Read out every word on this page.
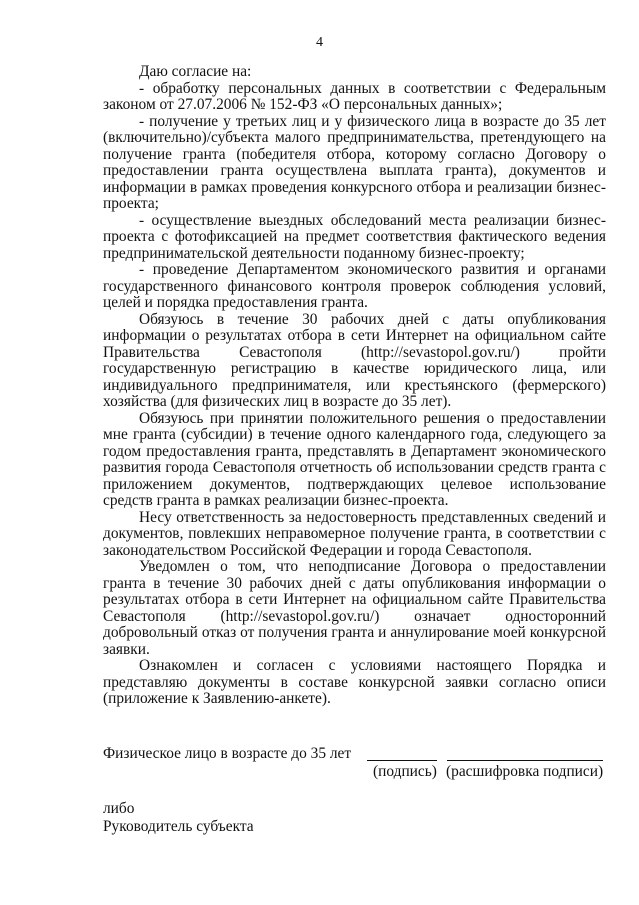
4

Даю согласие на:

- обработку персональных данных в соответствии с Федеральным законом от 27.07.2006 № 152-ФЗ «О персональных данных»;

- получение у третьих лиц и у физического лица в возрасте до 35 лет (включительно)/субъекта малого предпринимательства, претендующего на получение гранта (победителя отбора, которому согласно Договору о предоставлении гранта осуществлена выплата гранта), документов и информации в рамках проведения конкурсного отбора и реализации бизнес-проекта;

- осуществление выездных обследований места реализации бизнес-проекта с фотофиксацией на предмет соответствия фактического ведения предпринимательской деятельности поданному бизнес-проекту;

- проведение Департаментом экономического развития и органами государственного финансового контроля проверок соблюдения условий, целей и порядка предоставления гранта.

Обязуюсь в течение 30 рабочих дней с даты опубликования информации о результатах отбора в сети Интернет на официальном сайте Правительства Севастополя (http://sevastopol.gov.ru/) пройти государственную регистрацию в качестве юридического лица, или индивидуального предпринимателя, или крестьянского (фермерского) хозяйства (для физических лиц в возрасте до 35 лет).

Обязуюсь при принятии положительного решения о предоставлении мне гранта (субсидии) в течение одного календарного года, следующего за годом предоставления гранта, представлять в Департамент экономического развития города Севастополя отчетность об использовании средств гранта с приложением документов, подтверждающих целевое использование средств гранта в рамках реализации бизнес-проекта.

Несу ответственность за недостоверность представленных сведений и документов, повлекших неправомерное получение гранта, в соответствии с законодательством Российской Федерации и города Севастополя.

Уведомлен о том, что неподписание Договора о предоставлении гранта в течение 30 рабочих дней с даты опубликования информации о результатах отбора в сети Интернет на официальном сайте Правительства Севастополя (http://sevastopol.gov.ru/) означает односторонний добровольный отказ от получения гранта и аннулирование моей конкурсной заявки.

Ознакомлен и согласен с условиями настоящего Порядка и представляю документы в составе конкурсной заявки согласно описи (приложение к Заявлению-анкете).

Физическое лицо в возрасте до 35 лет
(подпись) (расшифровка подписи)
либо
Руководитель субъекта
